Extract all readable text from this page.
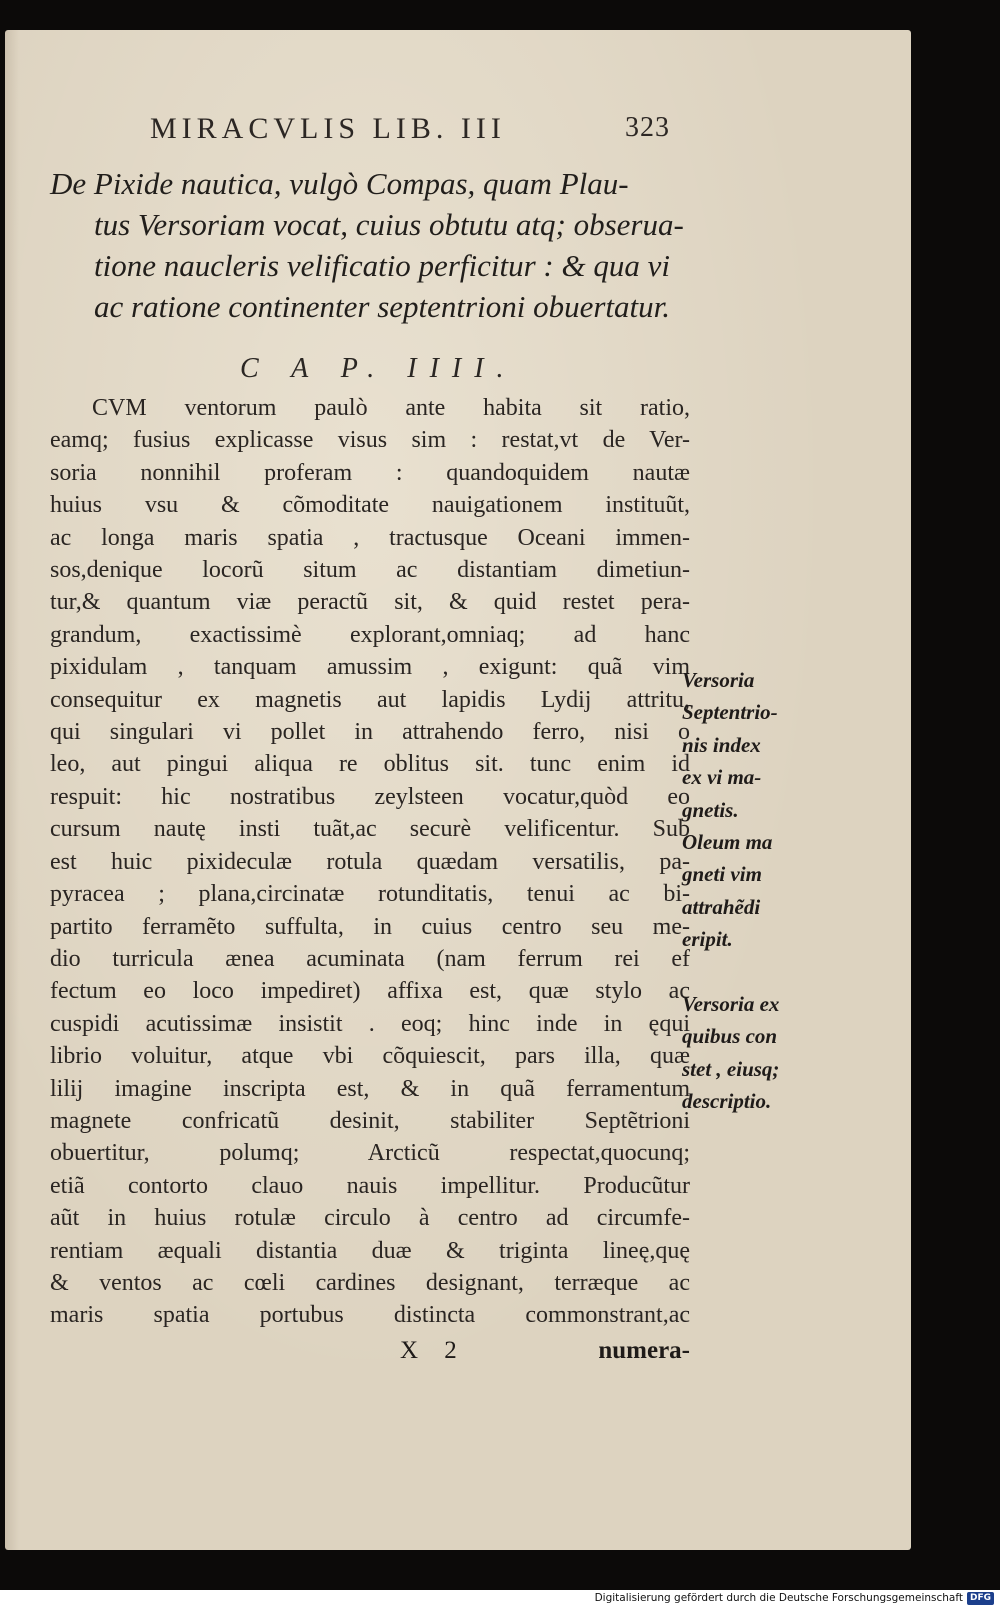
MIRACVLIS LIB. III	323
De Pixide nautica, vulgò Compas, quam Plau-
tus Versoriam vocat, cuius obtutu atq; obserua-
tione naucleris velificatio perficitur : & qua vi
ac ratione continenter septentrioni obuertatur.
C A P. IIII.
CVM ventorum paulò ante habita sit ratio,
eamq; fusius explicasse visus sim : restat,vt de Ver-
soria nonnihil proferam : quandoquidem nautæ
huius vsu & cõmoditate nauigationem instituũt,
ac longa maris spatia , tractusque Oceani immen-
sos,denique locorũ situm ac distantiam dimetiun-
tur,& quantum viæ peractũ sit, & quid restet pera-
grandum, exactissimè explorant,omniaq; ad hanc
pixidulam , tanquam amussim , exigunt: quã vim
consequitur ex magnetis aut lapidis Lydij attritu,
qui singulari vi pollet in attrahendo ferro, nisi o
leo, aut pingui aliqua re oblitus sit. tunc enim id
respuit: hic nostratibus zeylsteen vocatur,quòd eo
cursum nautę insti tuãt,ac securè velificentur. Sub
est huic pixideculæ rotula quædam versatilis, pa-
pyracea ; plana,circinatæ rotunditatis, tenui ac bi-
partito ferramẽto suffulta, in cuius centro seu me-
dio turricula ænea acuminata (nam ferrum rei ef
fectum eo loco impediret) affixa est, quæ stylo ac
cuspidi acutissimæ insistit . eoq; hinc inde in ęqui
librio voluitur, atque vbi cõquiescit, pars illa, quæ
lilij imagine inscripta est, & in quã ferramentum
magnete confricatũ desinit, stabiliter Septẽtrioni
obuertitur, polumq; Arcticũ respectat,quocunq;
etiã contorto clauo nauis impellitur. Producũtur
aũt in huius rotulæ circulo à centro ad circumfe-
rentiam æquali distantia duæ & triginta lineę,quę
& ventos ac cœli cardines designant, terræque ac
maris spatia portubus distincta commonstrant,ac
Versoria
Septentrio-
nis index
ex vi ma-
gnetis.
Oleum ma
gneti vim
attrahẽdi
eripit.
Versoria ex
quibus con
stet , eiusq;
descriptio.
X 2	numera-
Digitalisierung gefördert durch die Deutsche Forschungsgemeinschaft DFG
